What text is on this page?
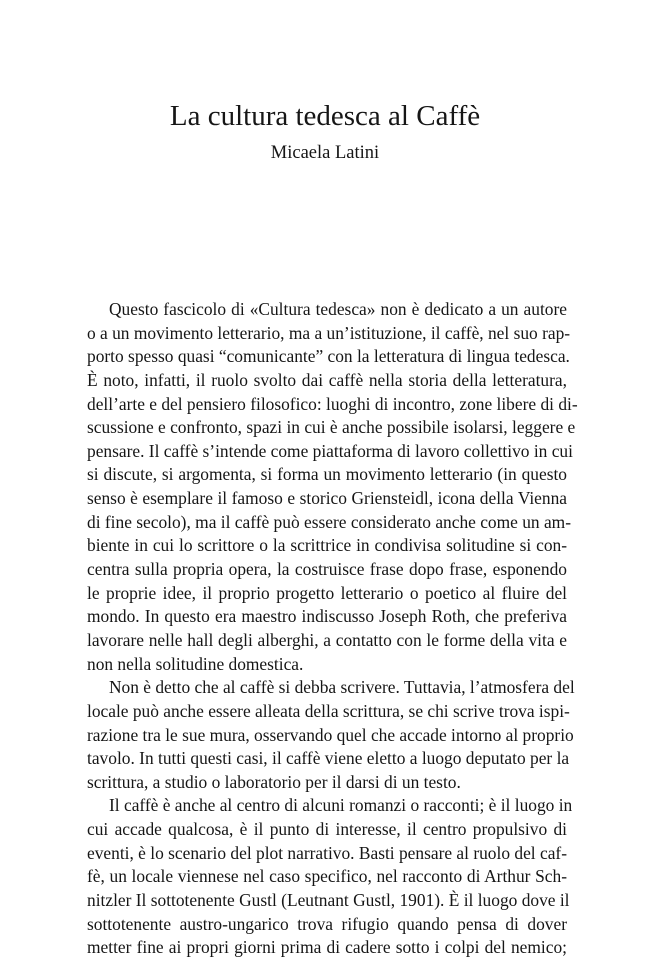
La cultura tedesca al Caffè
Micaela Latini
Questo fascicolo di «Cultura tedesca» non è dedicato a un autore
o a un movimento letterario, ma a un’istituzione, il caffè, nel suo rap-
porto spesso quasi “comunicante” con la letteratura di lingua tedesca.
È noto, infatti, il ruolo svolto dai caffè nella storia della letteratura,
dell’arte e del pensiero filosofico: luoghi di incontro, zone libere di di-
scussione e confronto, spazi in cui è anche possibile isolarsi, leggere e
pensare. Il caffè s’intende come piattaforma di lavoro collettivo in cui
si discute, si argomenta, si forma un movimento letterario (in questo
senso è esemplare il famoso e storico Griensteidl, icona della Vienna
di fine secolo), ma il caffè può essere considerato anche come un am-
biente in cui lo scrittore o la scrittrice in condivisa solitudine si con-
centra sulla propria opera, la costruisce frase dopo frase, esponendo
le proprie idee, il proprio progetto letterario o poetico al fluire del
mondo. In questo era maestro indiscusso Joseph Roth, che preferiva
lavorare nelle hall degli alberghi, a contatto con le forme della vita e
non nella solitudine domestica.
Non è detto che al caffè si debba scrivere. Tuttavia, l’atmosfera del
locale può anche essere alleata della scrittura, se chi scrive trova ispi-
razione tra le sue mura, osservando quel che accade intorno al proprio
tavolo. In tutti questi casi, il caffè viene eletto a luogo deputato per la
scrittura, a studio o laboratorio per il darsi di un testo.
Il caffè è anche al centro di alcuni romanzi o racconti; è il luogo in
cui accade qualcosa, è il punto di interesse, il centro propulsivo di
eventi, è lo scenario del plot narrativo. Basti pensare al ruolo del caf-
fè, un locale viennese nel caso specifico, nel racconto di Arthur Sch-
nitzler Il sottotenente Gustl (Leutnant Gustl, 1901). È il luogo dove il
sottotenente austro-ungarico trova rifugio quando pensa di dover
metter fine ai propri giorni prima di cadere sotto i colpi del nemico;
